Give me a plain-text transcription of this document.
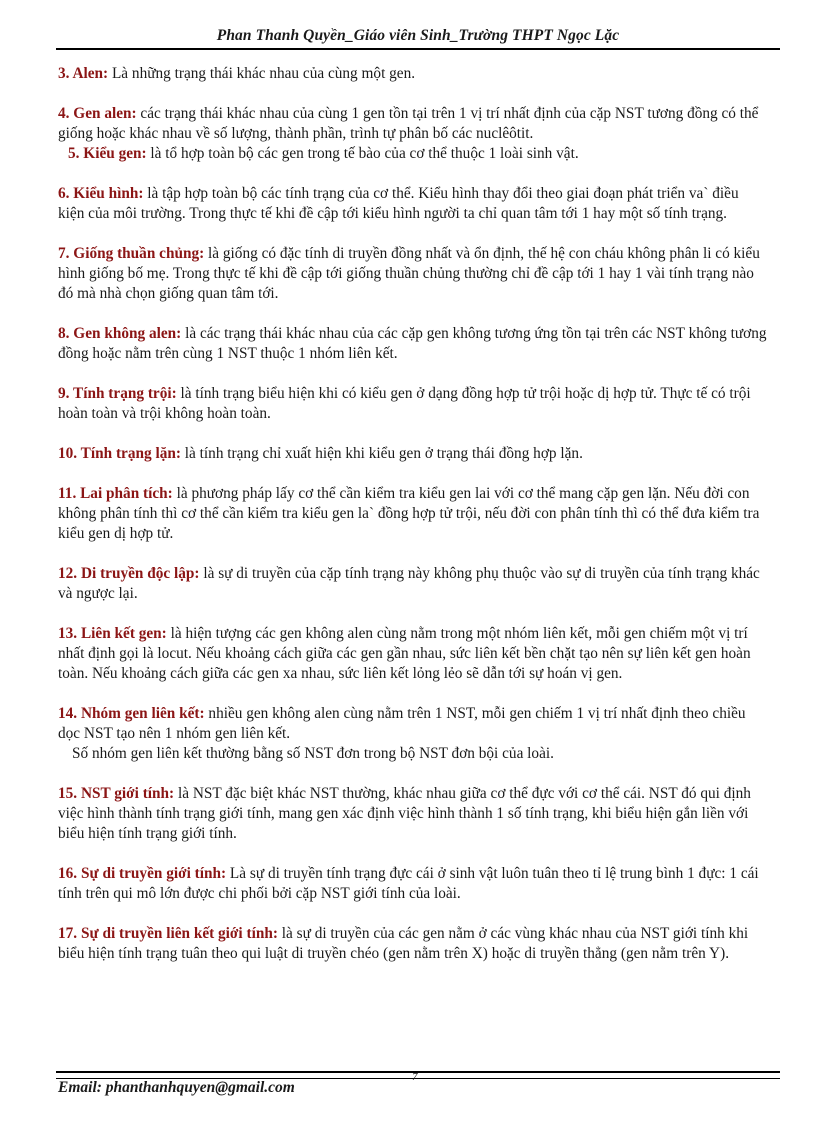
Phan Thanh Quyền_Giáo viên Sinh_Trường THPT Ngọc Lặc

3. Alen: Là những trạng thái khác nhau của cùng một gen.

4. Gen alen: các trạng thái khác nhau của cùng 1 gen tồn tại trên 1 vị trí nhất định của cặp NST tương đồng có thể giống hoặc khác nhau về số lượng, thành phần, trình tự phân bố các nuclêôtit.

5. Kiểu gen: là tổ hợp toàn bộ các gen trong tế bào của cơ thể thuộc 1 loài sinh vật.

6. Kiểu hình: là tập hợp toàn bộ các tính trạng của cơ thể. Kiểu hình thay đổi theo giai đoạn phát triển va` điều kiện của môi trường. Trong thực tế khi đề cập tới kiểu hình người ta chỉ quan tâm tới 1 hay một số tính trạng.

7. Giống thuần chủng: là giống có đặc tính di truyền đồng nhất và ổn định, thế hệ con cháu không phân li có kiểu hình giống bố mẹ. Trong thực tế khi đề cập tới giống thuần chủng thường chỉ đề cập tới 1 hay 1 vài tính trạng nào đó mà nhà chọn giống quan tâm tới.

8. Gen không alen: là các trạng thái khác nhau của các cặp gen không tương ứng tồn tại trên các NST không tương đồng hoặc nằm trên cùng 1 NST thuộc 1 nhóm liên kết.

9. Tính trạng trội: là tính trạng biểu hiện khi có kiểu gen ở dạng đồng hợp tử trội hoặc dị hợp tử. Thực tế có trội hoàn toàn và trội không hoàn toàn.

10. Tính trạng lặn: là tính trạng chỉ xuất hiện khi kiểu gen ở trạng thái đồng hợp lặn.

11. Lai phân tích: là phương pháp lấy cơ thể cần kiểm tra kiểu gen lai với cơ thể mang cặp gen lặn. Nếu đời con không phân tính thì cơ thể cần kiểm tra kiểu gen la` đồng hợp tử trội, nếu đời con phân tính thì có thể đưa kiểm tra kiểu gen dị hợp tử.

12. Di truyền độc lập: là sự di truyền của cặp tính trạng này không phụ thuộc vào sự di truyền của tính trạng khác và ngược lại.

13. Liên kết gen: là hiện tượng các gen không alen cùng nằm trong một nhóm liên kết, mỗi gen chiếm một vị trí nhất định gọi là locut. Nếu khoảng cách giữa các gen gần nhau, sức liên kết bền chặt tạo nên sự liên kết gen hoàn toàn. Nếu khoảng cách giữa các gen xa nhau, sức liên kết lỏng lẻo sẽ dẫn tới sự hoán vị gen.

14. Nhóm gen liên kết: nhiều gen không alen cùng nằm trên 1 NST, mỗi gen chiếm 1 vị trí nhất định theo chiều dọc NST tạo nên 1 nhóm gen liên kết.

Số nhóm gen liên kết thường bằng số NST đơn trong bộ NST đơn bội của loài.

15. NST giới tính: là NST đặc biệt khác NST thường, khác nhau giữa cơ thể đực với cơ thể cái. NST đó qui định việc hình thành tính trạng giới tính, mang gen xác định việc hình thành 1 số tính trạng, khi biểu hiện gắn liền với biểu hiện tính trạng giới tính.

16. Sự di truyền giới tính: Là sự di truyền tính trạng đực cái ở sinh vật luôn tuân theo tỉ lệ trung bình 1 đực: 1 cái tính trên qui mô lớn được chi phối bởi cặp NST giới tính của loài.

17. Sự di truyền liên kết giới tính: là sự di truyền của các gen nằm ở các vùng khác nhau của NST giới tính khi biểu hiện tính trạng tuân theo qui luật di truyền chéo (gen nằm trên X) hoặc di truyền thẳng (gen nằm trên Y).

7
Email: phanthanhquyen@gmail.com
